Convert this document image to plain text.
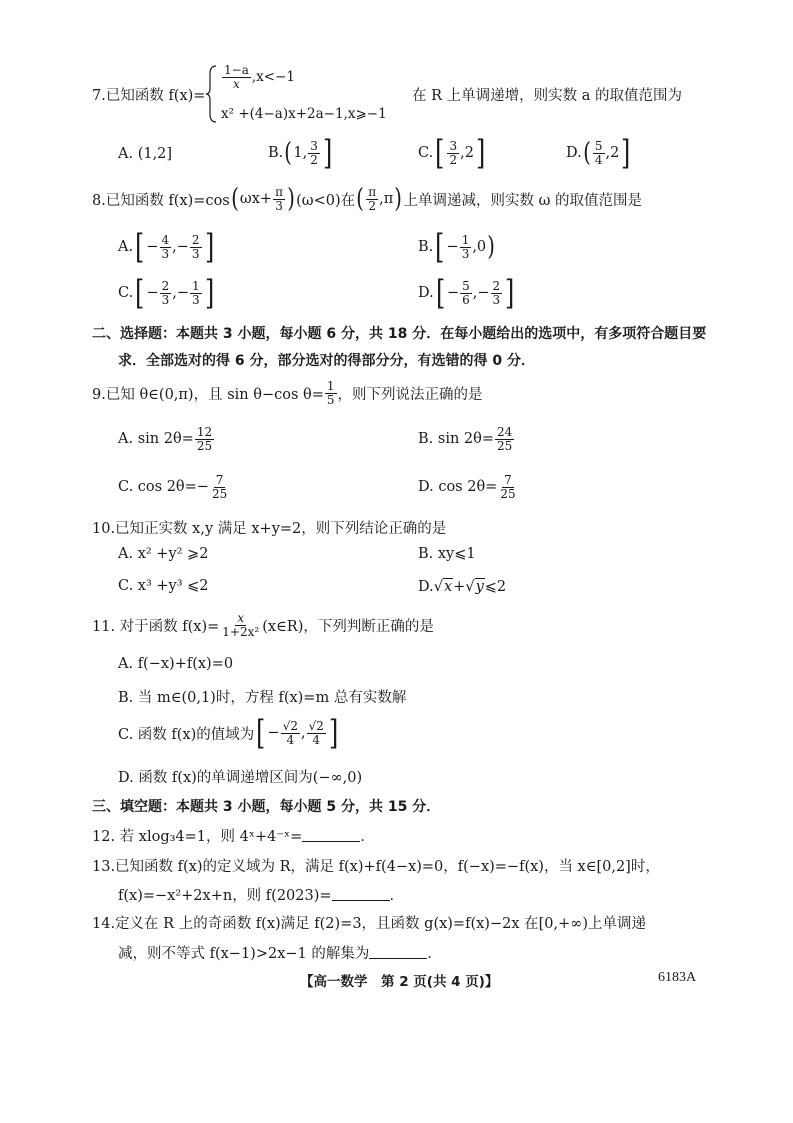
7.已知函数 f(x)=
$\frac{1-a}{x} ,x<-1$
x² +(4−a)x+2a−1,x⩾−1
在 R 上单调递增，则实数 a 的取值范围为
A. (1,2]	B. ( 1, $\frac{3}{2}$ ]	C. [ $\frac{3}{2} ,2$ ]	D. ( $\frac{5}{4} ,2$ ]
8.已知函数 f(x)=cos ( $\omega x+ \frac{\pi}{3}$ ) (ω<0)在 ( $\frac{\pi}{2} ,\pi$ ) 上单调递减，则实数 ω 的取值范围是
A. [ − $\frac{4}{3}$ ,− $\frac{2}{3}$ ]	B. [ − $\frac{1}{3} ,0$ )
C. [ − $\frac{2}{3}$ ,− $\frac{1}{3}$ ]	D. [ − $\frac{5}{6}$ ,− $\frac{2}{3}$ ]
二、选择题：本题共 3 小题，每小题 6 分，共 18 分．在每小题给出的选项中，有多项符合题目要
求．全部选对的得 6 分，部分选对的得部分分，有选错的得 0 分．
9.已知 θ∈(0,π)，且 sin θ−cos $\theta= \frac{1}{5}$ ，则下列说法正确的是
A. $\sin 2\theta= \frac{12}{25}$	B. $\sin 2\theta= \frac{24}{25}$
C. $\cos 2\theta=- \frac{7}{25}$	D. $\cos 2\theta= \frac{7}{25}$
10.已知正实数 x,y 满足 x+y=2，则下列结论正确的是
A. x² +y² ⩾2	B. xy⩽1
C. x³ +y³ ⩽2	D. √ x + √ y ⩽2
11. 对于函数 $f(x)= \frac{x}{\text{1+2x²}}$ (x∈R)，下列判断正确的是
A. f(−x)+f(x)=0
B. 当 m∈(0,1)时，方程 f(x)=m 总有实数解
C. 函数 f(x)的值域为 [ − $\frac{√2}{4}$ , $\frac{√2}{4}$ ]
D. 函数 f(x)的单调递增区间为(−∞,0)
三、填空题：本题共 3 小题，每小题 5 分，共 15 分．
12. 若 xlog₃4=1，则 4ˣ+4⁻ˣ=	．
13.已知函数 f(x)的定义域为 R，满足 f(x)+f(4−x)=0，f(−x)=−f(x)，当 x∈[0,2]时，
f(x)=−x²+2x+n，则 f(2023)=	．
14.定义在 R 上的奇函数 f(x)满足 f(2)=3，且函数 g(x)=f(x)−2x 在[0,+∞)上单调递
减，则不等式 f(x−1)>2x−1 的解集为	．
【高一数学　第 2 页(共 4 页)】	6183A
